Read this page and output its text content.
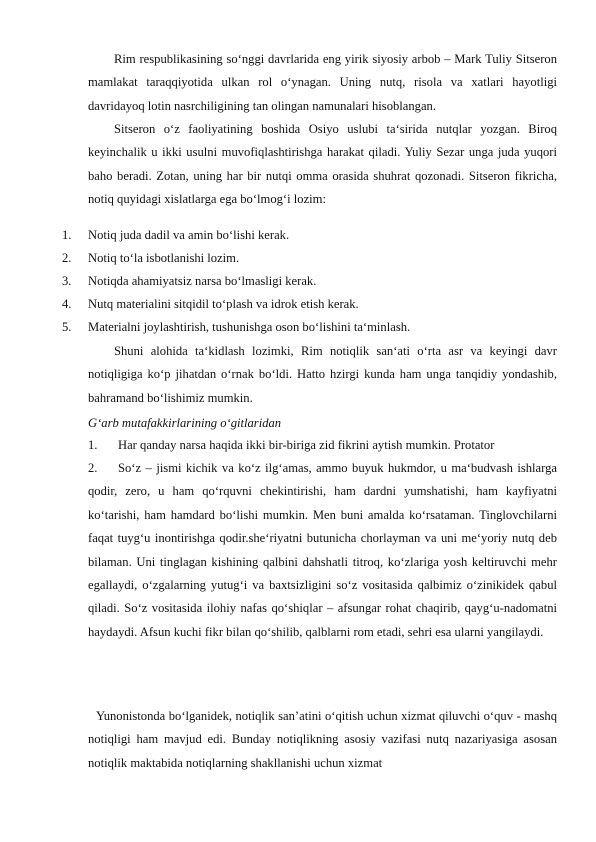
Rim respublikasining so‘nggi davrlarida eng yirik siyosiy arbob – Mark Tuliy Sitseron mamlakat taraqqiyotida ulkan rol o‘ynagan. Uning nutq, risola va xatlari hayotligi davridayoq lotin nasrchiligining tan olingan namunalari hisoblangan.

Sitseron o‘z faoliyatining boshida Osiyo uslubi ta‘sirida nutqlar yozgan. Biroq keyinchalik u ikki usulni muvofiqlashtirishga harakat qiladi. Yuliy Sezar unga juda yuqori baho beradi. Zotan, uning har bir nutqi omma orasida shuhrat qozonadi. Sitseron fikricha, notiq quyidagi xislatlarga ega bo‘lmog‘i lozim:

1. Notiq juda dadil va amin bo‘lishi kerak.
2. Notiq to‘la isbotlanishi lozim.
3. Notiqda ahamiyatsiz narsa bo‘lmasligi kerak.
4. Nutq materialini sitqidil to‘plash va idrok etish kerak.
5. Materialni joylashtirish, tushunishga oson bo‘lishini ta‘minlash.

Shuni alohida ta‘kidlash lozimki, Rim notiqlik san‘ati o‘rta asr va keyingi davr notiqligiga ko‘p jihatdan o‘rnak bo‘ldi. Hatto hzirgi kunda ham unga tanqidiy yondashib, bahramand bo‘lishimiz mumkin.

G‘arb mutafakkirlarining o‘gitlaridan

1. Har qanday narsa haqida ikki bir-biriga zid fikrini aytish mumkin. Protator

2. So‘z – jismi kichik va ko‘z ilg‘amas, ammo buyuk hukmdor, u ma‘budvash ishlarga qodir, zero, u ham qo‘rquvni chekintirishi, ham dardni yumshatishi, ham kayfiyatni ko‘tarishi, ham hamdard bo‘lishi mumkin. Men buni amalda ko‘rsataman. Tinglovchilarni faqat tuyg‘u inontirishga qodir.she‘riyatni butunicha chorlayman va uni me‘yoriy nutq deb bilaman. Uni tinglagan kishining qalbini dahshatli titroq, ko‘zlariga yosh keltiruvchi mehr egallaydi, o‘zgalarning yutug‘i va baxtsizligini so‘z vositasida qalbimiz o‘zinikidek qabul qiladi. So‘z vositasida ilohiy nafas qo‘shiqlar – afsungar rohat chaqirib, qayg‘u-nadomatni haydaydi. Afsun kuchi fikr bilan qo‘shilib, qalblarni rom etadi, sehri esa ularni yangilaydi.

Yunonistonda bo‘lganidek, notiqlik san’atini o‘qitish uchun xizmat qiluvchi o‘quv - mashq notiqligi ham mavjud edi. Bunday notiqlikning asosiy vazifasi nutq nazariyasiga asosan notiqlik maktabida notiqlarning shakllanishi uchun xizmat
